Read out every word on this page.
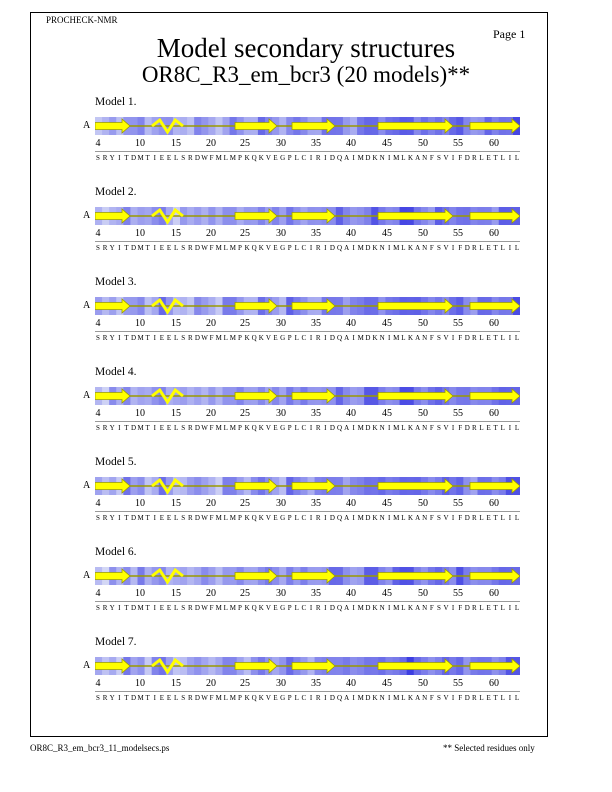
PROCHECK-NMR
Page 1
Model secondary structures
OR8C_R3_em_bcr3 (20 models)**
Model 1.
A
4	10	15	20 25	30	35	40	45	50	55	60
S R Y I T D M T I E E L S R D W F M L M P K Q K V E G P L C I R I D Q A I M D K N I M L K A N F S V I F D R L E T L I L
Model 2.
A
4	10	15	20 25	30	35	40	45	50	55	60
S R Y I T D M T I E E L S R D W F M L M P K Q K V E G P L C I R I D Q A I M D K N I M L K A N F S V I F D R L E T L I L
Model 3.
A
4	10	15	20 25	30	35	40	45	50	55	60
S R Y I T D M T I E E L S R D W F M L M P K Q K V E G P L C I R I D Q A I M D K N I M L K A N F S V I F D R L E T L I L
Model 4.
A
4	10	15	20 25	30	35	40	45	50	55	60
S R Y I T D M T I E E L S R D W F M L M P K Q K V E G P L C I R I D Q A I M D K N I M L K A N F S V I F D R L E T L I L
Model 5.
A
4	10	15	20 25	30	35	40	45	50	55	60
S R Y I T D M T I E E L S R D W F M L M P K Q K V E G P L C I R I D Q A I M D K N I M L K A N F S V I F D R L E T L I L
Model 6.
A
4	10	15	20 25	30	35	40	45	50	55	60
S R Y I T D M T I E E L S R D W F M L M P K Q K V E G P L C I R I D Q A I M D K N I M L K A N F S V I F D R L E T L I L
Model 7.
A
4	10	15	20 25	30	35	40	45	50	55	60
S R Y I T D M T I E E L S R D W F M L M P K Q K V E G P L C I R I D Q A I M D K N I M L K A N F S V I F D R L E T L I L
OR8C_R3_em_bcr3_11_modelsecs.ps	** Selected residues only
